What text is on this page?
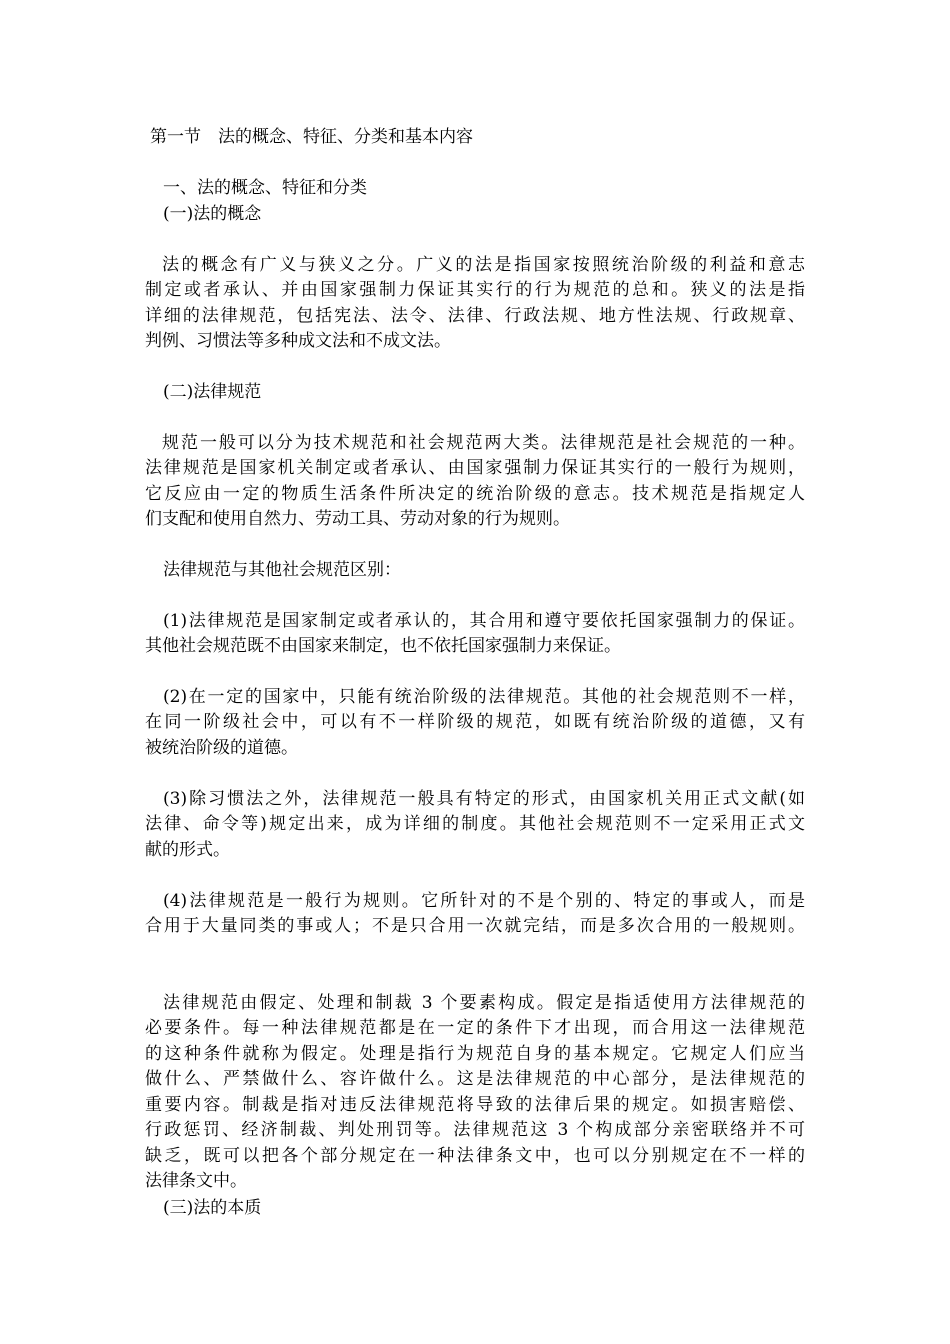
第一节　法的概念、特征、分类和基本内容
一、法的概念、特征和分类
(一)法的概念
法的概念有广义与狭义之分。广义的法是指国家按照统治阶级的利益和意志
制定或者承认、并由国家强制力保证其实行的行为规范的总和。狭义的法是指
详细的法律规范，包括宪法、法令、法律、行政法规、地方性法规、行政规章、
判例、习惯法等多种成文法和不成文法。
(二)法律规范
规范一般可以分为技术规范和社会规范两大类。法律规范是社会规范的一种。
法律规范是国家机关制定或者承认、由国家强制力保证其实行的一般行为规则，
它反应由一定的物质生活条件所决定的统治阶级的意志。技术规范是指规定人
们支配和使用自然力、劳动工具、劳动对象的行为规则。
法律规范与其他社会规范区别：
(1)法律规范是国家制定或者承认的，其合用和遵守要依托国家强制力的保证。
其他社会规范既不由国家来制定，也不依托国家强制力来保证。
(2)在一定的国家中，只能有统治阶级的法律规范。其他的社会规范则不一样，
在同一阶级社会中，可以有不一样阶级的规范，如既有统治阶级的道德，又有
被统治阶级的道德。
(3)除习惯法之外，法律规范一般具有特定的形式，由国家机关用正式文献(如
法律、命令等)规定出来，成为详细的制度。其他社会规范则不一定采用正式文
献的形式。
(4)法律规范是一般行为规则。它所针对的不是个别的、特定的事或人，而是
合用于大量同类的事或人；不是只合用一次就完结，而是多次合用的一般规则。
法律规范由假定、处理和制裁 3 个要素构成。假定是指适使用方法律规范的
必要条件。每一种法律规范都是在一定的条件下才出现，而合用这一法律规范
的这种条件就称为假定。处理是指行为规范自身的基本规定。它规定人们应当
做什么、严禁做什么、容许做什么。这是法律规范的中心部分，是法律规范的
重要内容。制裁是指对违反法律规范将导致的法律后果的规定。如损害赔偿、
行政惩罚、经济制裁、判处刑罚等。法律规范这 3 个构成部分亲密联络并不可
缺乏，既可以把各个部分规定在一种法律条文中，也可以分别规定在不一样的
法律条文中。
(三)法的本质
